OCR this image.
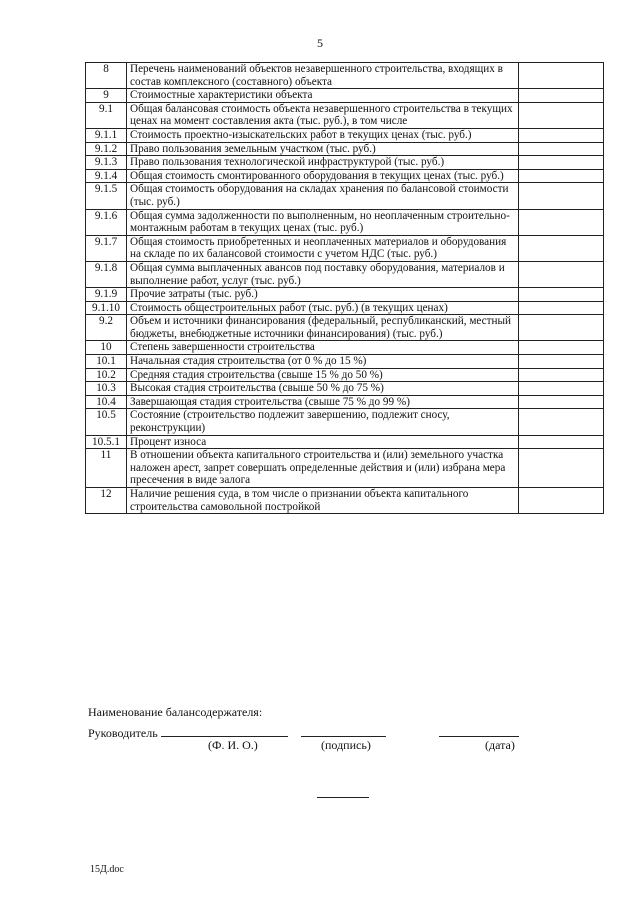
5
8	Перечень наименований объектов незавершенного строительства, входящих в состав комплексного (составного) объекта	
9	Стоимостные характеристики объекта	
9.1	Общая балансовая стоимость объекта незавершенного строительства в текущих ценах на момент составления акта (тыс. руб.), в том числе	
9.1.1	Стоимость проектно-изыскательских работ в текущих ценах (тыс. руб.)	
9.1.2	Право пользования земельным участком (тыс. руб.)	
9.1.3	Право пользования технологической инфраструктурой (тыс. руб.)	
9.1.4	Общая стоимость смонтированного оборудования в текущих ценах (тыс. руб.)	
9.1.5	Общая стоимость оборудования на складах хранения по балансовой стоимости (тыс. руб.)	
9.1.6	Общая сумма задолженности по выполненным, но неоплаченным строительно-монтажным работам в текущих ценах (тыс. руб.)	
9.1.7	Общая стоимость приобретенных и неоплаченных материалов и оборудования на складе по их балансовой стоимости с учетом НДС (тыс. руб.)	
9.1.8	Общая сумма выплаченных авансов под поставку оборудования, материалов и выполнение работ, услуг (тыс. руб.)	
9.1.9	Прочие затраты (тыс. руб.)	
9.1.10	Стоимость общестроительных работ (тыс. руб.) (в текущих ценах)	
9.2	Объем и источники финансирования (федеральный, республиканский, местный бюджеты, внебюджетные источники финансирования) (тыс. руб.)	
10	Степень завершенности строительства	
10.1	Начальная стадия строительства (от 0 % до 15 %)	
10.2	Средняя стадия строительства (свыше 15 % до 50 %)	
10.3	Высокая стадия строительства (свыше 50 % до 75 %)	
10.4	Завершающая стадия строительства (свыше 75 % до 99 %)	
10.5	Состояние (строительство подлежит завершению, подлежит сносу, реконструкции)	
10.5.1	Процент износа	
11	В отношении объекта капитального строительства и (или) земельного участка наложен арест, запрет совершать определенные действия и (или) избрана мера пресечения в виде залога	
12	Наличие решения суда, в том числе о признании объекта капитального строительства самовольной постройкой	
Наименование балансодержателя:
Руководитель
(Ф. И. О.)	(подпись)	(дата)
15Д.doc
